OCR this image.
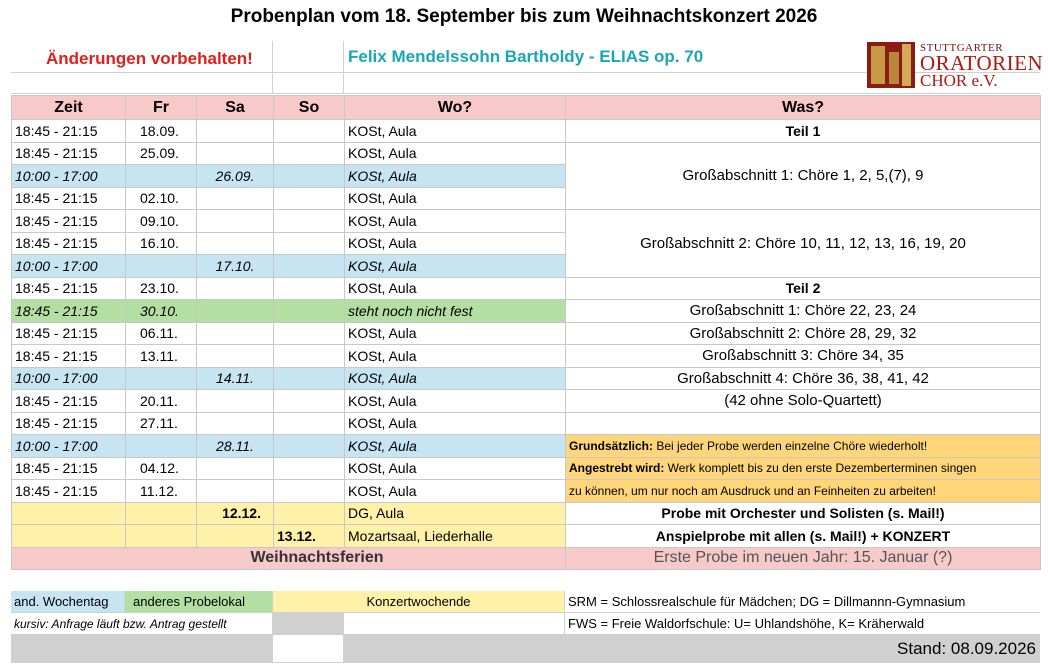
Probenplan vom 18. September bis zum Weihnachtskonzert 2026
Änderungen vorbehalten!	Felix Mendelssohn Bartholdy - ELIAS op. 70	STUTTGARTER
ORATORIEN
CHOR e.V.
Zeit	Fr	Sa	So	Wo?	Was?
18:45 - 21:15	18.09.			KOSt, Aula	Teil 1
18:45 - 21:15	25.09.			KOSt, Aula	Großabschnitt 1: Chöre 1, 2, 5,(7), 9
10:00 - 17:00		26.09.		KOSt, Aula	
18:45 - 21:15	02.10.			KOSt, Aula	
18:45 - 21:15	09.10.			KOSt, Aula	Großabschnitt 2: Chöre 10, 11, 12, 13, 16, 19, 20
18:45 - 21:15	16.10.			KOSt, Aula	
10:00 - 17:00		17.10.		KOSt, Aula	
18:45 - 21:15	23.10.			KOSt, Aula	Teil 2
18:45 - 21:15	30.10.			steht noch nicht fest	Großabschnitt 1: Chöre 22, 23, 24
18:45 - 21:15	06.11.			KOSt, Aula	Großabschnitt 2: Chöre 28, 29, 32
18:45 - 21:15	13.11.			KOSt, Aula	Großabschnitt 3: Chöre 34, 35
10:00 - 17:00		14.11.		KOSt, Aula	Großabschnitt 4: Chöre 36, 38, 41, 42
18:45 - 21:15	20.11.			KOSt, Aula	(42 ohne Solo-Quartett)
18:45 - 21:15	27.11.			KOSt, Aula	
10:00 - 17:00		28.11.		KOSt, Aula	Grundsätzlich: Bei jeder Probe werden einzelne Chöre wiederholt!
18:45 - 21:15	04.12.			KOSt, Aula	Angestrebt wird: Werk komplett bis zu den erste Dezemberterminen singen
18:45 - 21:15	11.12.			KOSt, Aula	zu können, um nur noch am Ausdruck und an Feinheiten zu arbeiten!
		12.12.		DG, Aula	Probe mit Orchester und Solisten (s. Mail!)
			13.12.	Mozartsaal, Liederhalle	Anspielprobe mit allen (s. Mail!) + KONZERT
Weihnachtsferien					Erste Probe im neuen Jahr: 15. Januar (?)
and. Wochentag	anderes Probelokal	Konzertwochende	SRM = Schlossrealschule für Mädchen; DG = Dillmannn-Gymnasium
kursiv: Anfrage läuft bzw. Antrag gestellt	FWS = Freie Waldorfschule: U= Uhlandshöhe, K= Kräherwald
Stand: 08.09.2026
